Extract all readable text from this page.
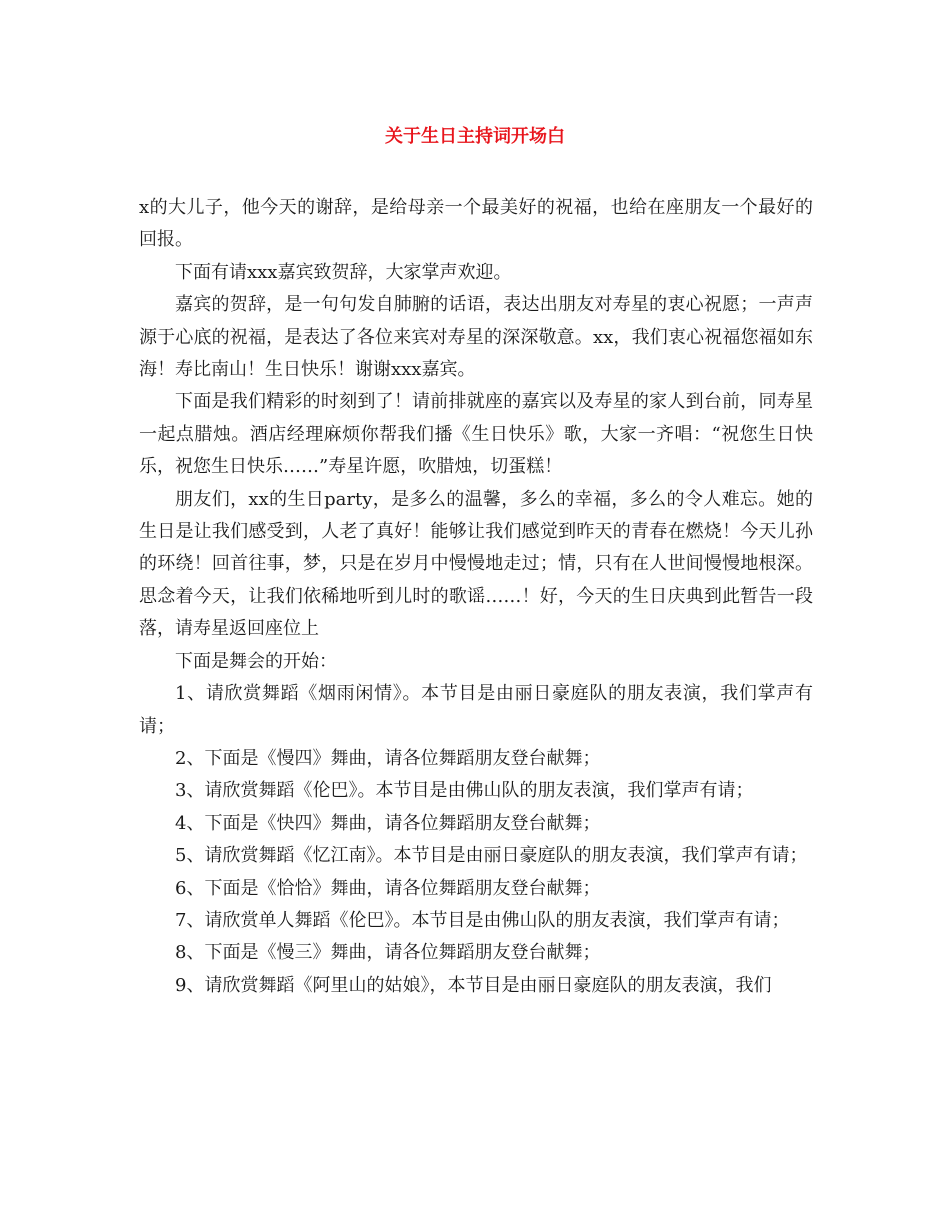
关于生日主持词开场白

x的大儿子，他今天的谢辞，是给母亲一个最美好的祝福，也给在座朋友一个最好的回报。

下面有请xxx嘉宾致贺辞，大家掌声欢迎。

嘉宾的贺辞，是一句句发自肺腑的话语，表达出朋友对寿星的衷心祝愿；一声声源于心底的祝福，是表达了各位来宾对寿星的深深敬意。xx，我们衷心祝福您福如东海！寿比南山！生日快乐！谢谢xxx嘉宾。

下面是我们精彩的时刻到了！请前排就座的嘉宾以及寿星的家人到台前，同寿星一起点腊烛。酒店经理麻烦你帮我们播《生日快乐》歌，大家一齐唱：“祝您生日快乐，祝您生日快乐……”寿星许愿，吹腊烛，切蛋糕！

朋友们，xx的生日party，是多么的温馨，多么的幸福，多么的令人难忘。她的生日是让我们感受到，人老了真好！能够让我们感觉到昨天的青春在燃烧！今天儿孙的环绕！回首往事，梦，只是在岁月中慢慢地走过；情，只有在人世间慢慢地根深。思念着今天，让我们依稀地听到儿时的歌谣……！好，今天的生日庆典到此暂告一段落，请寿星返回座位上

下面是舞会的开始：

1、请欣赏舞蹈《烟雨闲情》。本节目是由丽日豪庭队的朋友表演，我们掌声有请；

2、下面是《慢四》舞曲，请各位舞蹈朋友登台献舞；

3、请欣赏舞蹈《伦巴》。本节目是由佛山队的朋友表演，我们掌声有请；

4、下面是《快四》舞曲，请各位舞蹈朋友登台献舞；

5、请欣赏舞蹈《忆江南》。本节目是由丽日豪庭队的朋友表演，我们掌声有请；

6、下面是《恰恰》舞曲，请各位舞蹈朋友登台献舞；

7、请欣赏单人舞蹈《伦巴》。本节目是由佛山队的朋友表演，我们掌声有请；

8、下面是《慢三》舞曲，请各位舞蹈朋友登台献舞；

9、请欣赏舞蹈《阿里山的姑娘》，本节目是由丽日豪庭队的朋友表演，我们
